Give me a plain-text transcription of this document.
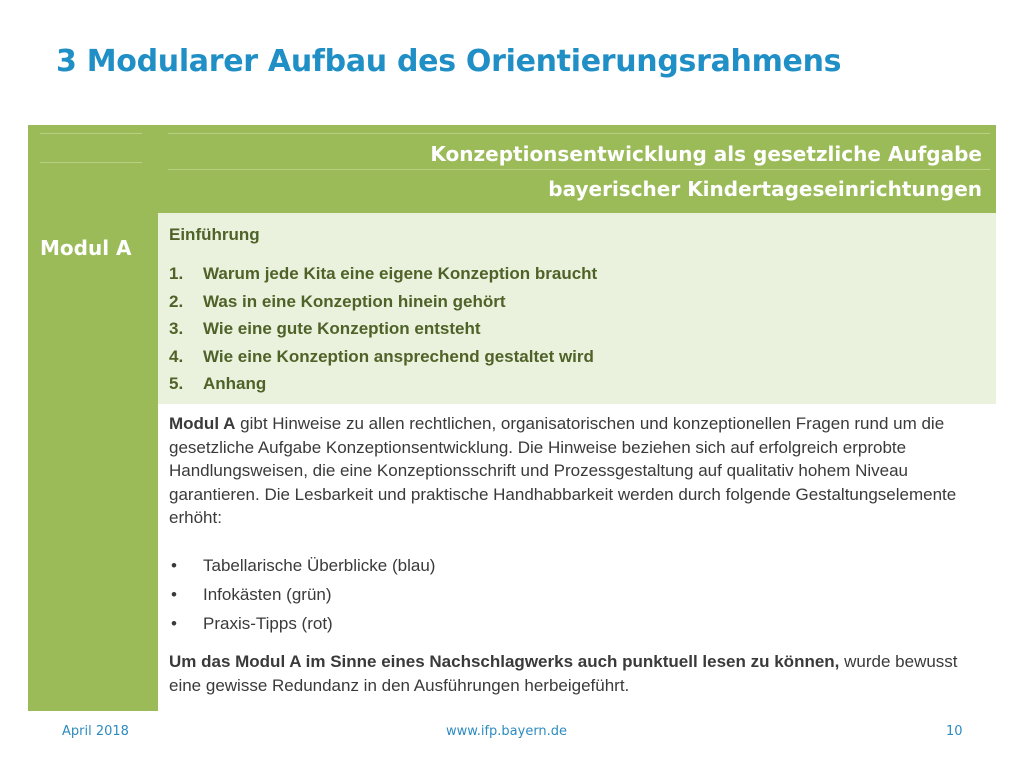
3 Modularer Aufbau des Orientierungsrahmens
Modul A
Konzeptionsentwicklung als gesetzliche Aufgabe
bayerischer Kindertageseinrichtungen
Einführung
1. Warum jede Kita eine eigene Konzeption braucht
2. Was in eine Konzeption hinein gehört
3. Wie eine gute Konzeption entsteht
4. Wie eine Konzeption ansprechend gestaltet wird
5. Anhang

Modul A gibt Hinweise zu allen rechtlichen, organisatorischen und konzeptionellen Fragen rund um die gesetzliche Aufgabe Konzeptionsentwicklung. Die Hinweise beziehen sich auf erfolgreich erprobte Handlungsweisen, die eine Konzeptionsschrift und Prozessgestaltung auf qualitativ hohem Niveau garantieren. Die Lesbarkeit und praktische Handhabbarkeit werden durch folgende Gestaltungselemente erhöht:

• Tabellarische Überblicke (blau)
• Infokästen (grün)
• Praxis-Tipps (rot)

Um das Modul A im Sinne eines Nachschlagwerks auch punktuell lesen zu können, wurde bewusst eine gewisse Redundanz in den Ausführungen herbeigeführt.

April 2018	www.ifp.bayern.de	10
